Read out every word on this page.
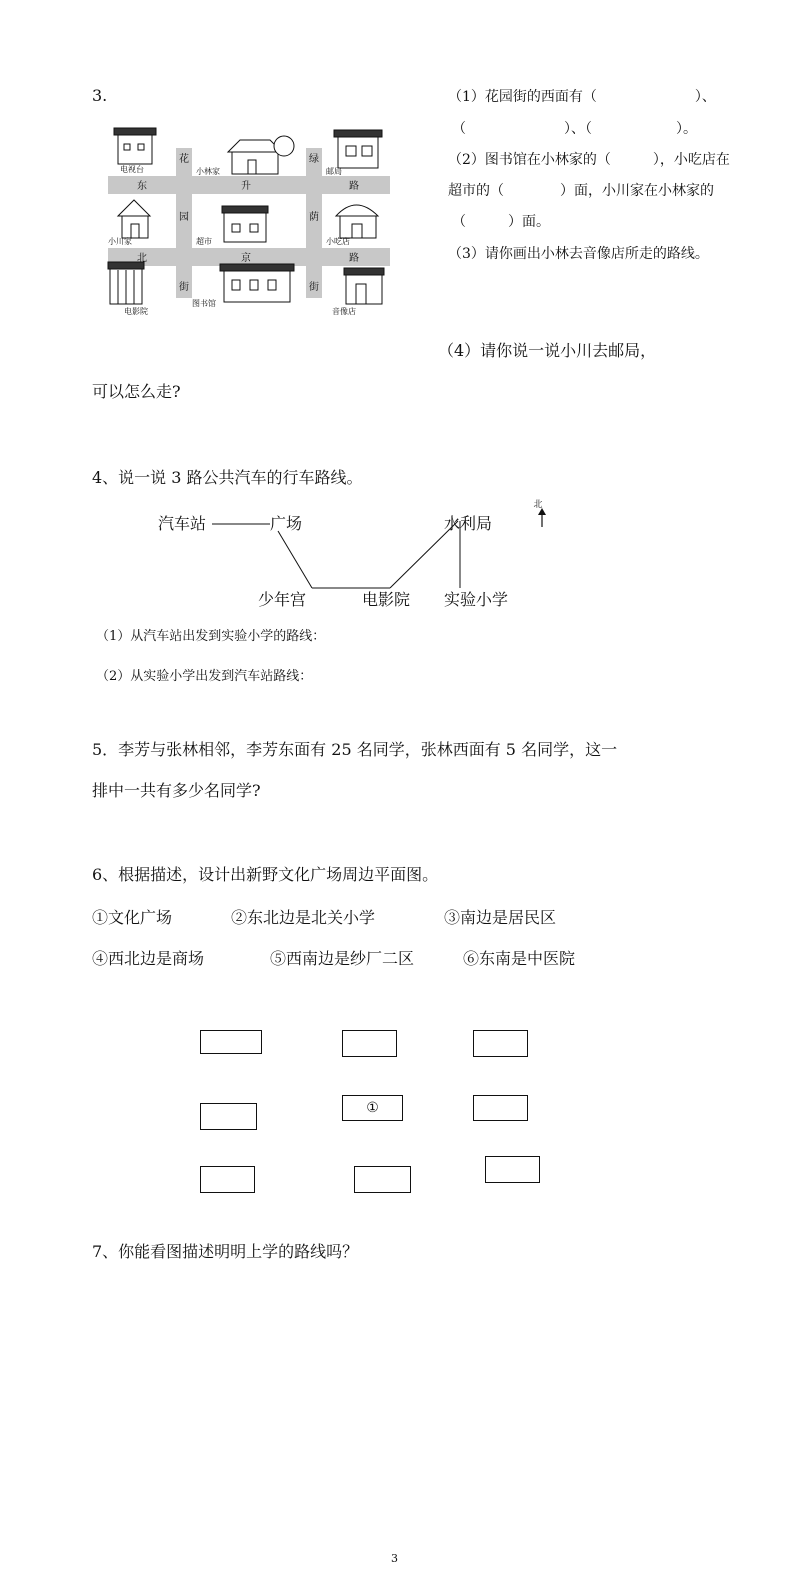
3.
花
园
街
绿
荫
街
东	升	路
北	京	路
电视台	小林家	邮局
小川家	超市	小吃店
电影院
图书馆
音像店
（1）花园街的西面有（　　　　　　　）、
（　　　　　　　）、（　　　　　　）。
（2）图书馆在小林家的（　　　），小吃店在
超市的（　　　　）面，小川家在小林家的
（　　　）面。
（3）请你画出小林去音像店所走的路线。
（4）请你说一说小川去邮局，
可以怎么走?
4、说一说 3 路公共汽车的行车路线。
汽车站	广场
少年宫	电影院
水利局
实验小学
北
（1）从汽车站出发到实验小学的路线：
（2）从实验小学出发到汽车站路线：
5．李芳与张林相邻，李芳东面有 25 名同学，张林西面有 5 名同学，这一
排中一共有多少名同学?
6、根据描述，设计出新野文化广场周边平面图。
①文化广场	②东北边是北关小学	③南边是居民区
④西北边是商场	⑤西南边是纱厂二区	⑥东南是中医院
①
7、你能看图描述明明上学的路线吗？
3
